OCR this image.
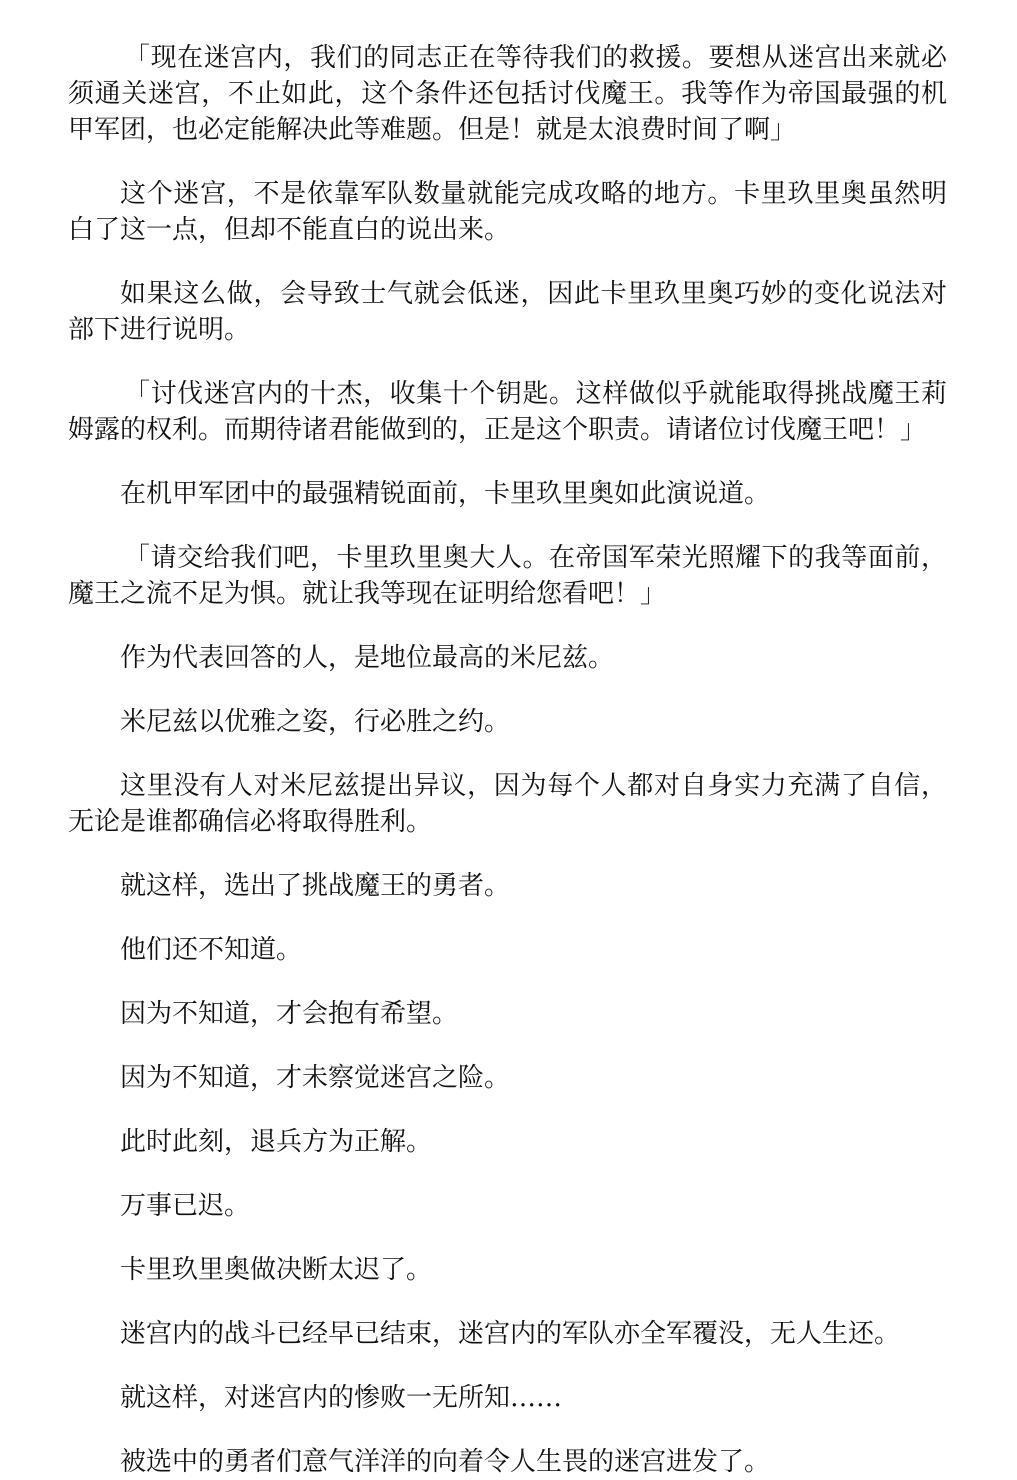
「现在迷宫内，我们的同志正在等待我们的救援。要想从迷宫出来就必须通关迷宫，不止如此，这个条件还包括讨伐魔王。我等作为帝国最强的机甲军团，也必定能解决此等难题。但是！就是太浪费时间了啊」

这个迷宫，不是依靠军队数量就能完成攻略的地方。卡里玖里奥虽然明白了这一点，但却不能直白的说出来。

如果这么做，会导致士气就会低迷，因此卡里玖里奥巧妙的变化说法对部下进行说明。

「讨伐迷宫内的十杰，收集十个钥匙。这样做似乎就能取得挑战魔王莉姆露的权利。而期待诸君能做到的，正是这个职责。请诸位讨伐魔王吧！」

在机甲军团中的最强精锐面前，卡里玖里奥如此演说道。

「请交给我们吧，卡里玖里奥大人。在帝国军荣光照耀下的我等面前，魔王之流不足为惧。就让我等现在证明给您看吧！」

作为代表回答的人，是地位最高的米尼兹。

米尼兹以优雅之姿，行必胜之约。

这里没有人对米尼兹提出异议，因为每个人都对自身实力充满了自信，无论是谁都确信必将取得胜利。

就这样，选出了挑战魔王的勇者。

他们还不知道。

因为不知道，才会抱有希望。

因为不知道，才未察觉迷宫之险。

此时此刻，退兵方为正解。

万事已迟。

卡里玖里奥做决断太迟了。

迷宫内的战斗已经早已结束，迷宫内的军队亦全军覆没，无人生还。

就这样，对迷宫内的惨败一无所知……

被选中的勇者们意气洋洋的向着令人生畏的迷宫进发了。
